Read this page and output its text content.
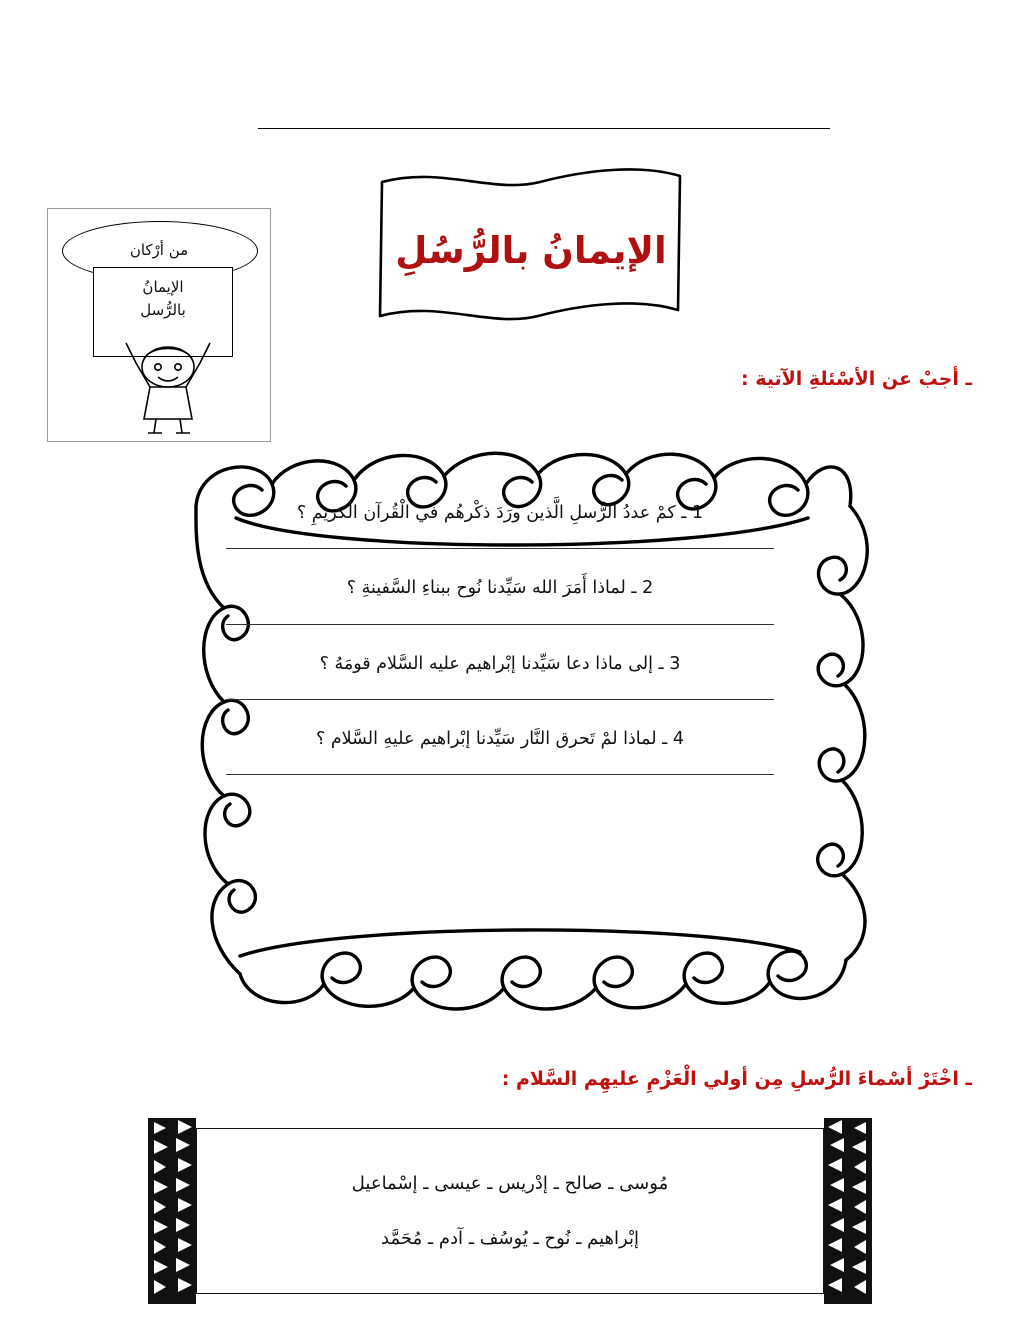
الإيمانُ بالرُّسُلِ
من أرْكان
الإيمانُ
بالرُّسل
ـ أجبْ عن الأسْئلةِ الآتية :
1 ـ كمْ عددُ الرُّسلِ الَّذين ورَدَ ذكْرهُم في الْقُرآن الكريمِ ؟
2 ـ لماذا أَمَرَ الله سَيِّدنا نُوح ببناءِ السَّفينةِ ؟
3 ـ إلى ماذا دعا سَيِّدنا إبْراهيم عليه السَّلام قومَهُ ؟
4 ـ لماذا لمْ تَحرق النَّار سَيِّدنا إبْراهيم عليهِ السَّلام ؟
ـ اخْتَرْ أسْماءَ الرُّسلِ مِن أولي الْعَزْمِ عليهِم السَّلام :
مُوسى ـ صالح ـ إدْريس ـ عيسى ـ إسْماعيل
إبْراهيم ـ نُوح ـ يُوسُف ـ آدم ـ مُحَمَّد
